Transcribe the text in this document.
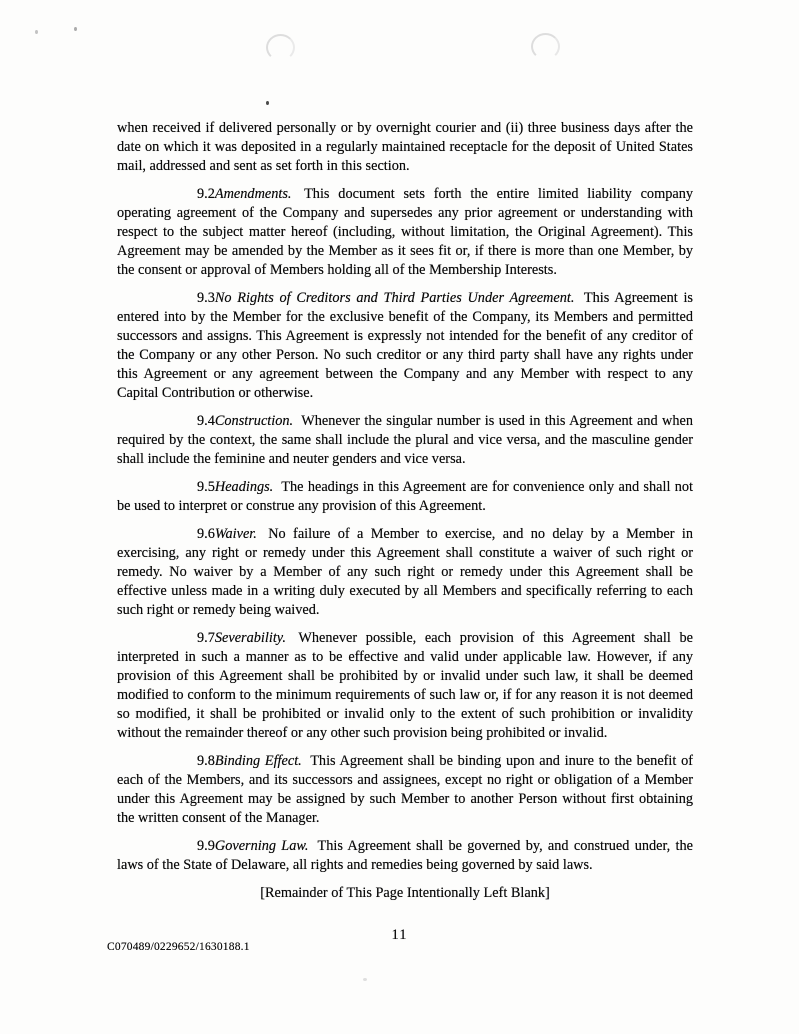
when received if delivered personally or by overnight courier and (ii) three business days after the date on which it was deposited in a regularly maintained receptacle for the deposit of United States mail, addressed and sent as set forth in this section.

9.2Amendments. This document sets forth the entire limited liability company operating agreement of the Company and supersedes any prior agreement or understanding with respect to the subject matter hereof (including, without limitation, the Original Agreement). This Agreement may be amended by the Member as it sees fit or, if there is more than one Member, by the consent or approval of Members holding all of the Membership Interests.

9.3No Rights of Creditors and Third Parties Under Agreement. This Agreement is entered into by the Member for the exclusive benefit of the Company, its Members and permitted successors and assigns. This Agreement is expressly not intended for the benefit of any creditor of the Company or any other Person. No such creditor or any third party shall have any rights under this Agreement or any agreement between the Company and any Member with respect to any Capital Contribution or otherwise.

9.4Construction. Whenever the singular number is used in this Agreement and when required by the context, the same shall include the plural and vice versa, and the masculine gender shall include the feminine and neuter genders and vice versa.

9.5Headings. The headings in this Agreement are for convenience only and shall not be used to interpret or construe any provision of this Agreement.

9.6Waiver. No failure of a Member to exercise, and no delay by a Member in exercising, any right or remedy under this Agreement shall constitute a waiver of such right or remedy. No waiver by a Member of any such right or remedy under this Agreement shall be effective unless made in a writing duly executed by all Members and specifically referring to each such right or remedy being waived.

9.7Severability. Whenever possible, each provision of this Agreement shall be interpreted in such a manner as to be effective and valid under applicable law. However, if any provision of this Agreement shall be prohibited by or invalid under such law, it shall be deemed modified to conform to the minimum requirements of such law or, if for any reason it is not deemed so modified, it shall be prohibited or invalid only to the extent of such prohibition or invalidity without the remainder thereof or any other such provision being prohibited or invalid.

9.8Binding Effect. This Agreement shall be binding upon and inure to the benefit of each of the Members, and its successors and assignees, except no right or obligation of a Member under this Agreement may be assigned by such Member to another Person without first obtaining the written consent of the Manager.

9.9Governing Law. This Agreement shall be governed by, and construed under, the laws of the State of Delaware, all rights and remedies being governed by said laws.

[Remainder of This Page Intentionally Left Blank]

11
C070489/0229652/1630188.1
